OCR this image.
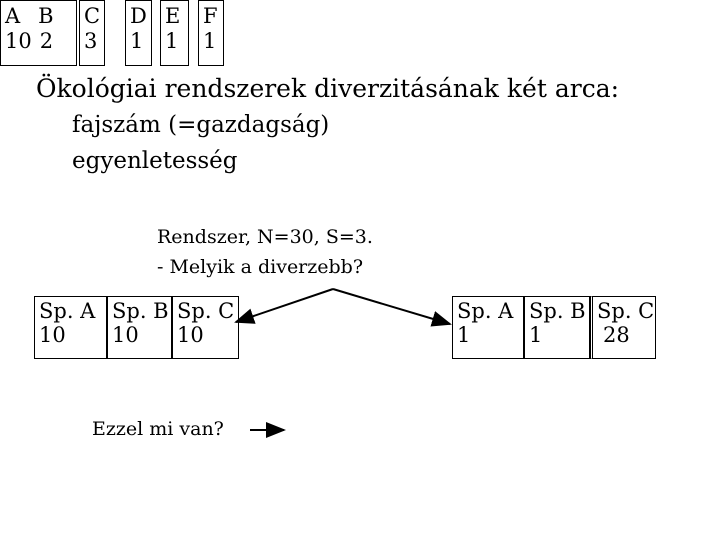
Ökológiai rendszerek diverzitásának két arca:
fajszám (=gazdagság)
egyenletesség
Rendszer, N=30, S=3.
- Melyik a diverzebb?
Sp. A
10
Sp. B
10
Sp. C
10
Sp. A
1
Sp. B
1
Sp. C
28
Ezzel mi van?
A B
10 2
C
3
D
1
E
1
F
1
